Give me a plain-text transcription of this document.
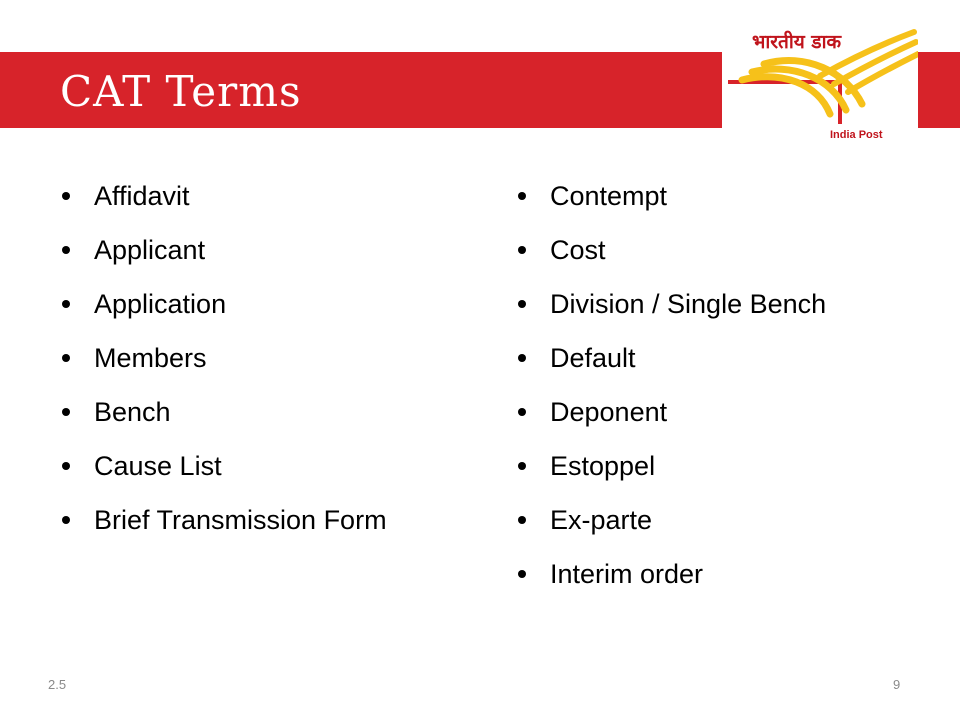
CAT Terms
भारतीय डाक
India Post
Affidavit
Applicant
Application
Members
Bench
Cause List
Brief Transmission Form
Contempt
Cost
Division / Single Bench
Default
Deponent
Estoppel
Ex-parte
Interim order
2.5	9
